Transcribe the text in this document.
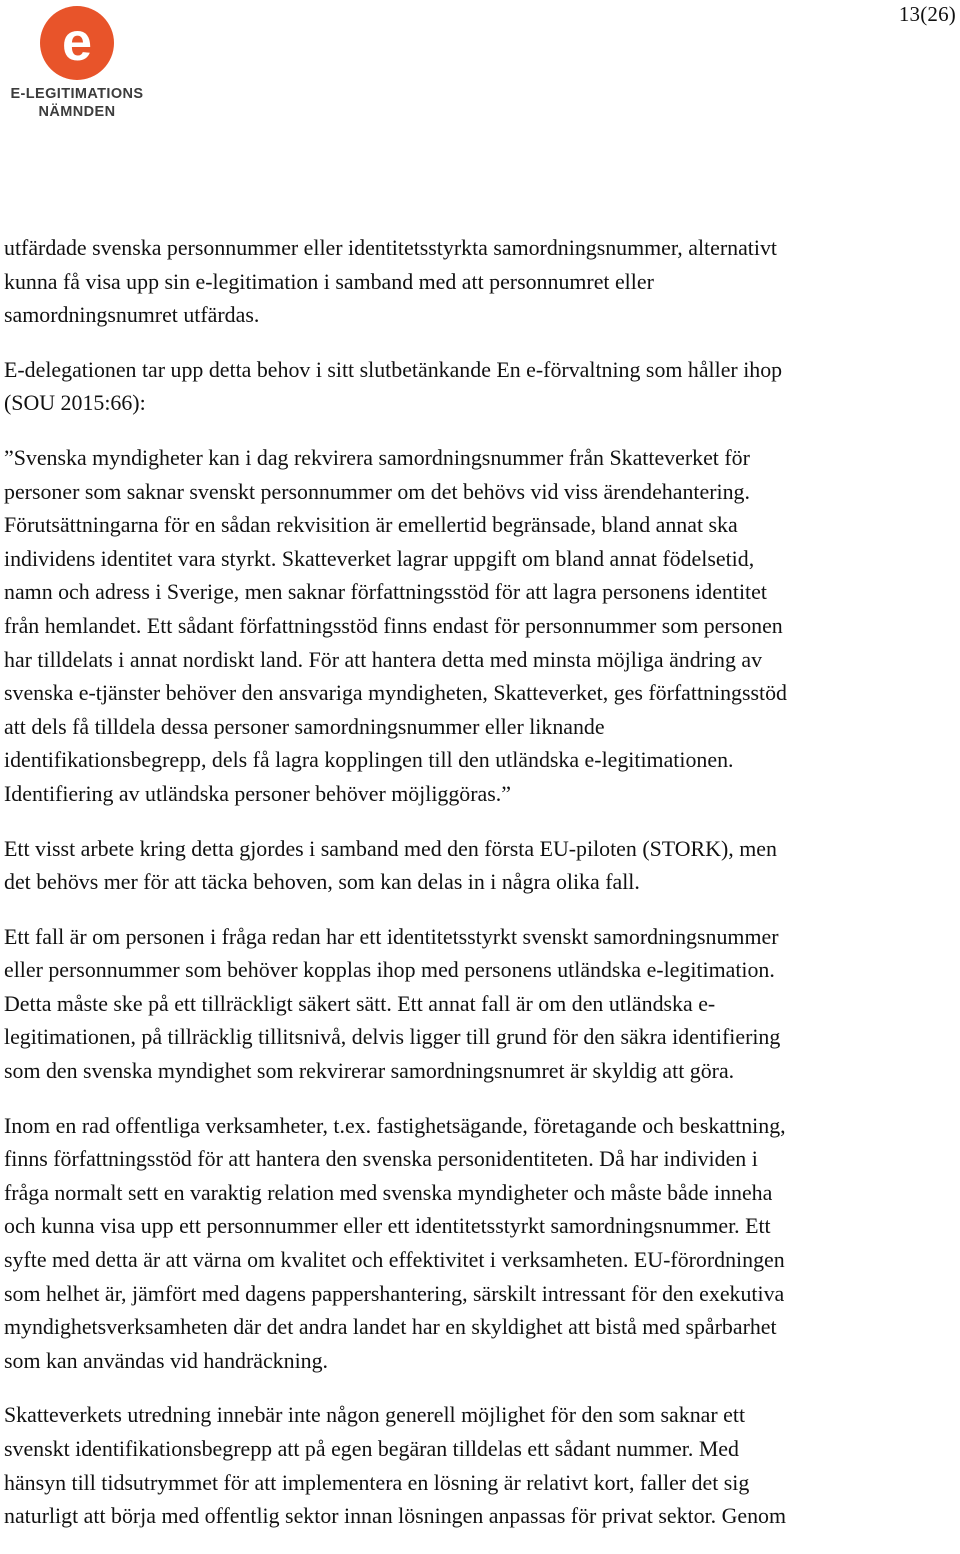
e
E-LEGITIMATIONS
NÄMNDEN
13(26)

utfärdade svenska personnummer eller identitetsstyrkta samordningsnummer, alternativt
kunna få visa upp sin e-legitimation i samband med att personnumret eller
samordningsnumret utfärdas.

E-delegationen tar upp detta behov i sitt slutbetänkande En e-förvaltning som håller ihop
(SOU 2015:66):

”Svenska myndigheter kan i dag rekvirera samordningsnummer från Skatteverket för
personer som saknar svenskt personnummer om det behövs vid viss ärendehantering.
Förutsättningarna för en sådan rekvisition är emellertid begränsade, bland annat ska
individens identitet vara styrkt. Skatteverket lagrar uppgift om bland annat födelsetid,
namn och adress i Sverige, men saknar författningsstöd för att lagra personens identitet
från hemlandet. Ett sådant författningsstöd finns endast för personnummer som personen
har tilldelats i annat nordiskt land. För att hantera detta med minsta möjliga ändring av
svenska e-tjänster behöver den ansvariga myndigheten, Skatteverket, ges författningsstöd
att dels få tilldela dessa personer samordningsnummer eller liknande
identifikationsbegrepp, dels få lagra kopplingen till den utländska e-legitimationen.
Identifiering av utländska personer behöver möjliggöras.”

Ett visst arbete kring detta gjordes i samband med den första EU-piloten (STORK), men
det behövs mer för att täcka behoven, som kan delas in i några olika fall.

Ett fall är om personen i fråga redan har ett identitetsstyrkt svenskt samordningsnummer
eller personnummer som behöver kopplas ihop med personens utländska e-legitimation.
Detta måste ske på ett tillräckligt säkert sätt. Ett annat fall är om den utländska e-
legitimationen, på tillräcklig tillitsnivå, delvis ligger till grund för den säkra identifiering
som den svenska myndighet som rekvirerar samordningsnumret är skyldig att göra.

Inom en rad offentliga verksamheter, t.ex. fastighetsägande, företagande och beskattning,
finns författningsstöd för att hantera den svenska personidentiteten. Då har individen i
fråga normalt sett en varaktig relation med svenska myndigheter och måste både inneha
och kunna visa upp ett personnummer eller ett identitetsstyrkt samordningsnummer. Ett
syfte med detta är att värna om kvalitet och effektivitet i verksamheten. EU-förordningen
som helhet är, jämfört med dagens pappershantering, särskilt intressant för den exekutiva
myndighetsverksamheten där det andra landet har en skyldighet att bistå med spårbarhet
som kan användas vid handräckning.

Skatteverkets utredning innebär inte någon generell möjlighet för den som saknar ett
svenskt identifikationsbegrepp att på egen begäran tilldelas ett sådant nummer. Med
hänsyn till tidsutrymmet för att implementera en lösning är relativt kort, faller det sig
naturligt att börja med offentlig sektor innan lösningen anpassas för privat sektor. Genom
